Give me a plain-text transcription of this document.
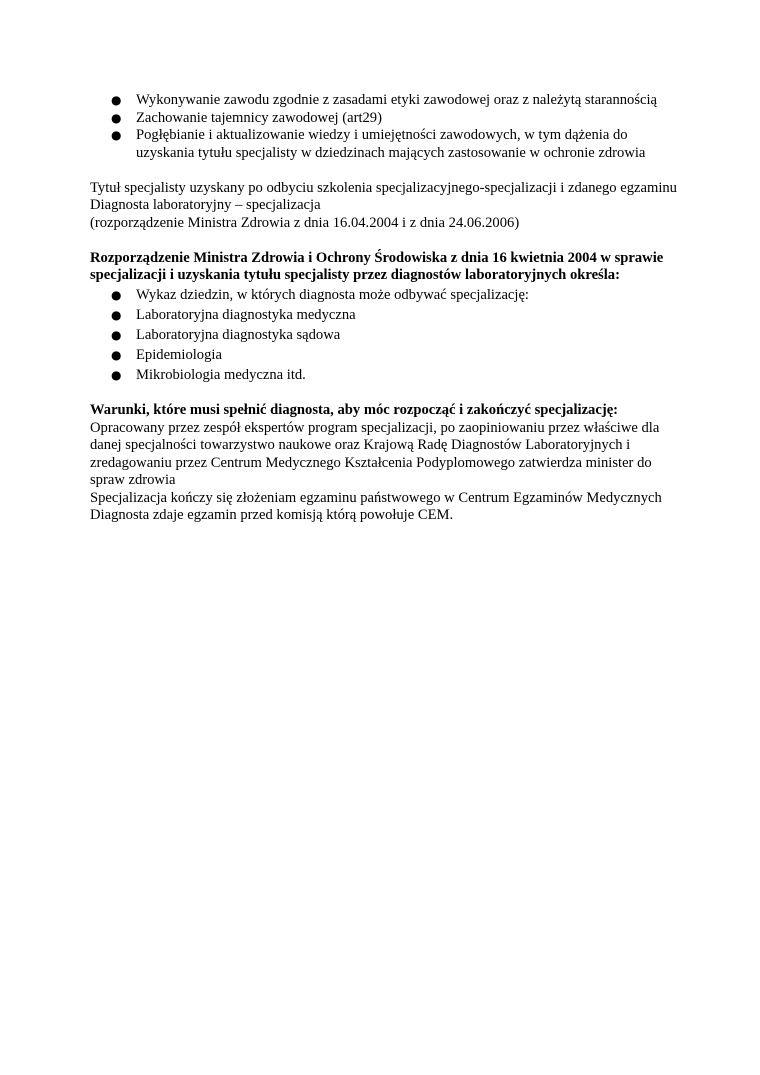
● Wykonywanie zawodu zgodnie z zasadami etyki zawodowej oraz z należytą starannością
● Zachowanie tajemnicy zawodowej (art29)
● Pogłębianie i aktualizowanie wiedzy i umiejętności zawodowych, w tym dążenia do uzyskania tytułu specjalisty w dziedzinach mających zastosowanie w ochronie zdrowia

Tytuł specjalisty uzyskany po odbyciu szkolenia specjalizacyjnego-specjalizacji i zdanego egzaminu

Diagnosta laboratoryjny – specjalizacja

(rozporządzenie Ministra Zdrowia z dnia 16.04.2004 i z dnia 24.06.2006)

Rozporządzenie Ministra Zdrowia i Ochrony Środowiska z dnia 16 kwietnia 2004 w sprawie specjalizacji i uzyskania tytułu specjalisty przez diagnostów laboratoryjnych określa:

● Wykaz dziedzin, w których diagnosta może odbywać specjalizację:
● Laboratoryjna diagnostyka medyczna
● Laboratoryjna diagnostyka sądowa
● Epidemiologia
● Mikrobiologia medyczna itd.

Warunki, które musi spełnić diagnosta, aby móc rozpocząć i zakończyć specjalizację:

Opracowany przez zespół ekspertów program specjalizacji, po zaopiniowaniu przez właściwe dla danej specjalności towarzystwo naukowe oraz Krajową Radę Diagnostów Laboratoryjnych i zredagowaniu przez Centrum Medycznego Kształcenia Podyplomowego zatwierdza minister do spraw zdrowia

Specjalizacja kończy się złożeniam egzaminu państwowego w Centrum Egzaminów Medycznych

Diagnosta zdaje egzamin przed komisją którą powołuje CEM.
